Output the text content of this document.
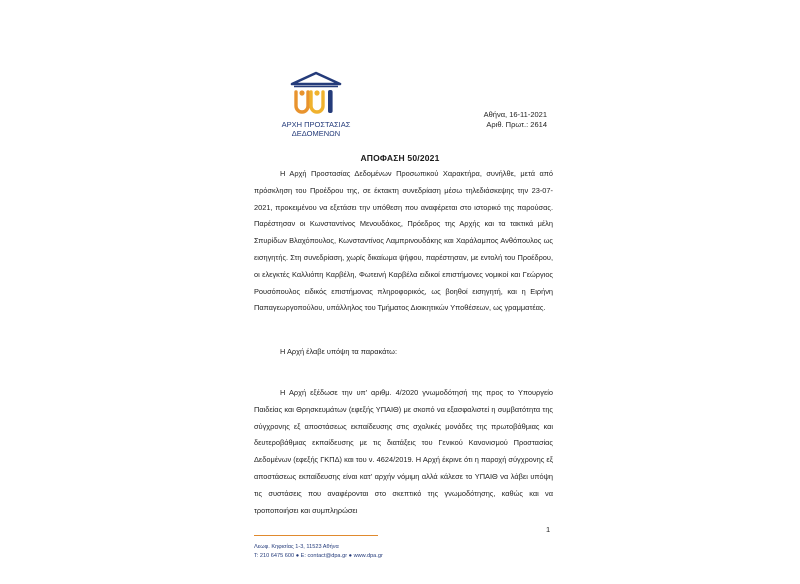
ΑΡΧΗ ΠΡΟΣΤΑΣΙΑΣ
ΔΕΔΟΜΕΝΩΝ
Αθήνα, 16-11-2021
Αριθ. Πρωτ.: 2614
ΑΠΟΦΑΣΗ 50/2021
Η Αρχή Προστασίας Δεδομένων Προσωπικού Χαρακτήρα, συνήλθε, μετά από πρόσκληση του Προέδρου της, σε έκτακτη συνεδρίαση μέσω τηλεδιάσκεψης την 23-07-2021, προκειμένου να εξετάσει την υπόθεση που αναφέρεται στο ιστορικό της παρούσας. Παρέστησαν οι Κωνσταντίνος Μενουδάκος, Πρόεδρος της Αρχής και τα τακτικά μέλη Σπυρίδων Βλαχόπουλος, Κωνσταντίνος Λαμπρινουδάκης και Χαράλαμπος Ανθόπουλος ως εισηγητής. Στη συνεδρίαση, χωρίς δικαίωμα ψήφου, παρέστησαν, με εντολή του Προέδρου, οι ελεγκτές Καλλιόπη Καρβέλη, Φωτεινή Καρβέλα ειδικοί επιστήμονες νομικοί και Γεώργιος Ρουσόπουλος ειδικός επιστήμονας πληροφορικός, ως βοηθοί εισηγητή, και η Ειρήνη Παπαγεωργοπούλου, υπάλληλος του Τμήματος Διοικητικών Υποθέσεων, ως γραμματέας.
Η Αρχή έλαβε υπόψη τα παρακάτω:
Η Αρχή εξέδωσε την υπ’ αριθμ. 4/2020 γνωμοδότησή της προς το Υπουργείο Παιδείας και Θρησκευμάτων (εφεξής ΥΠΑΙΘ) με σκοπό να εξασφαλιστεί η συμβατότητα της σύγχρονης εξ αποστάσεως εκπαίδευσης στις σχολικές μονάδες της πρωτοβάθμιας και δευτεροβάθμιας εκπαίδευσης με τις διατάξεις του Γενικού Κανονισμού Προστασίας Δεδομένων (εφεξής ΓΚΠΔ) και του ν. 4624/2019. Η Αρχή έκρινε ότι η παροχή σύγχρονης εξ αποστάσεως εκπαίδευσης είναι κατ’ αρχήν νόμιμη αλλά κάλεσε το ΥΠΑΙΘ να λάβει υπόψη τις συστάσεις που αναφέρονται στο σκεπτικό της γνωμοδότησης, καθώς και να τροποποιήσει και συμπληρώσει
1
Λεωφ. Κηφισίας 1-3, 11523 Αθήνα
Τ: 210 6475 600 ● E: contact@dpa.gr ● www.dpa.gr
